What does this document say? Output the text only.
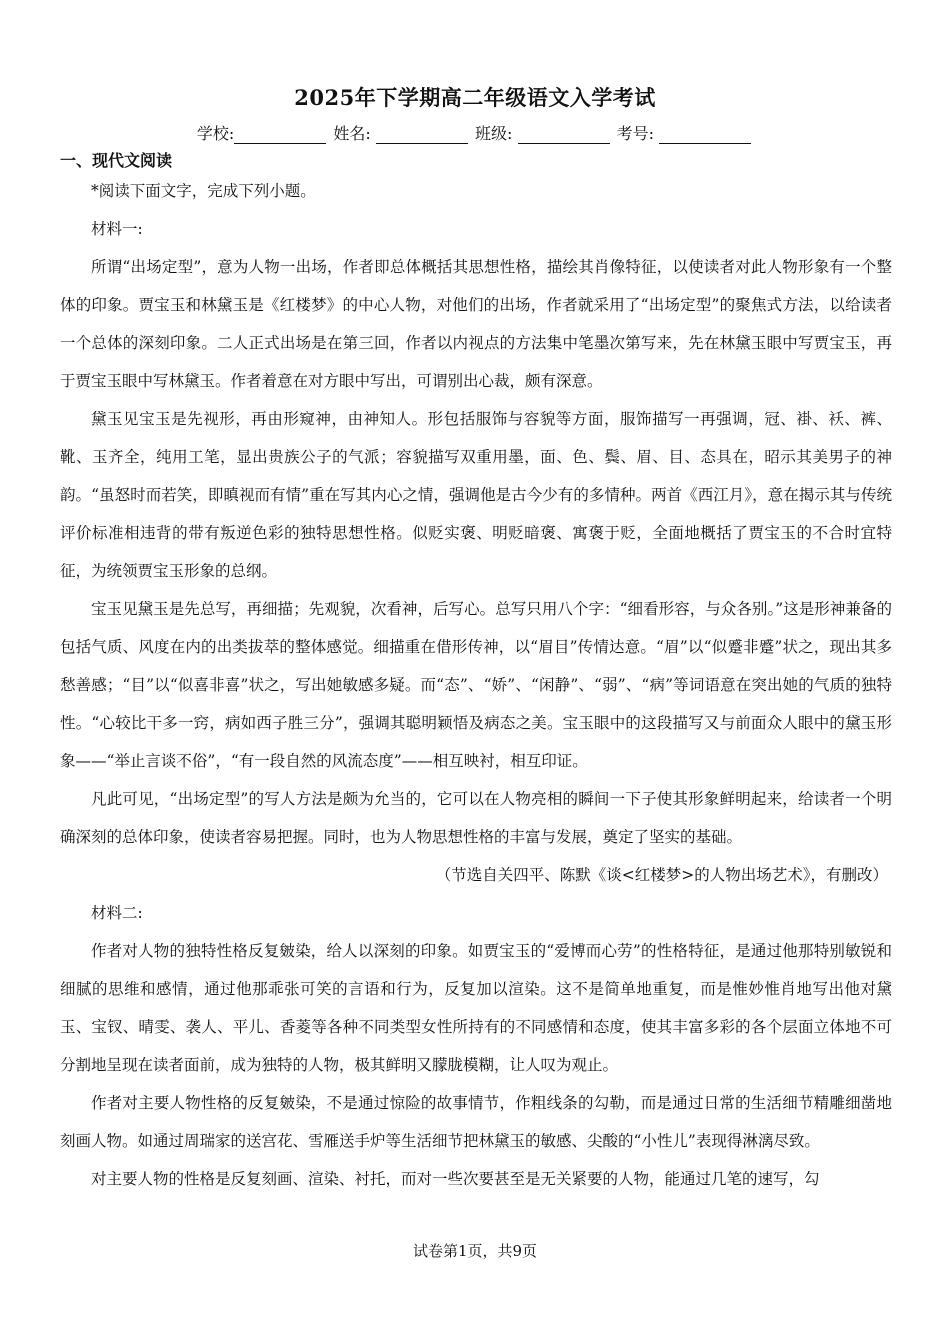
2025年下学期高二年级语文入学考试
学校:	姓名:	班级:	考号:
一、现代文阅读

*阅读下面文字，完成下列小题。

材料一:

所谓“出场定型”，意为人物一出场，作者即总体概括其思想性格，描绘其肖像特征，以使读者对此人物形象有一个整体的印象。贾宝玉和林黛玉是《红楼梦》的中心人物，对他们的出场，作者就采用了“出场定型”的聚焦式方法，以给读者一个总体的深刻印象。二人正式出场是在第三回，作者以内视点的方法集中笔墨次第写来，先在林黛玉眼中写贾宝玉，再于贾宝玉眼中写林黛玉。作者着意在对方眼中写出，可谓别出心裁，颇有深意。

黛玉见宝玉是先视形，再由形窥神，由神知人。形包括服饰与容貌等方面，服饰描写一再强调，冠、褂、袄、裤、靴、玉齐全，纯用工笔，显出贵族公子的气派；容貌描写双重用墨，面、色、鬓、眉、目、态具在，昭示其美男子的神韵。“虽怒时而若笑，即瞋视而有情”重在写其内心之情，强调他是古今少有的多情种。两首《西江月》，意在揭示其与传统评价标准相违背的带有叛逆色彩的独特思想性格。似贬实褒、明贬暗褒、寓褒于贬，全面地概括了贾宝玉的不合时宜特征，为统领贾宝玉形象的总纲。

宝玉见黛玉是先总写，再细描；先观貌，次看神，后写心。总写只用八个字：“细看形容，与众各别。”这是形神兼备的包括气质、风度在内的出类拔萃的整体感觉。细描重在借形传神，以“眉目”传情达意。“眉”以“似蹙非蹙”状之，现出其多愁善感；“目”以“似喜非喜”状之，写出她敏感多疑。而“态”、“娇”、“闲静”、“弱”、“病”等词语意在突出她的气质的独特性。“心较比干多一窍，病如西子胜三分”，强调其聪明颖悟及病态之美。宝玉眼中的这段描写又与前面众人眼中的黛玉形象——“举止言谈不俗”，“有一段自然的风流态度”——相互映衬，相互印证。

凡此可见，“出场定型”的写人方法是颇为允当的，它可以在人物亮相的瞬间一下子使其形象鲜明起来，给读者一个明确深刻的总体印象，使读者容易把握。同时，也为人物思想性格的丰富与发展，奠定了坚实的基础。

（节选自关四平、陈默《谈<红楼梦>的人物出场艺术》，有删改）

材料二:

作者对人物的独特性格反复皴染，给人以深刻的印象。如贾宝玉的“爱博而心劳”的性格特征，是通过他那特别敏锐和细腻的思维和感情，通过他那乖张可笑的言语和行为，反复加以渲染。这不是简单地重复，而是惟妙惟肖地写出他对黛玉、宝钗、晴雯、袭人、平儿、香菱等各种不同类型女性所持有的不同感情和态度，使其丰富多彩的各个层面立体地不可分割地呈现在读者面前，成为独特的人物，极其鲜明又朦胧模糊，让人叹为观止。

作者对主要人物性格的反复皴染，不是通过惊险的故事情节，作粗线条的勾勒，而是通过日常的生活细节精雕细凿地刻画人物。如通过周瑞家的送宫花、雪雁送手炉等生活细节把林黛玉的敏感、尖酸的“小性儿”表现得淋漓尽致。

对主要人物的性格是反复刻画、渲染、衬托，而对一些次要甚至是无关紧要的人物，能通过几笔的速写，勾

试卷第1页，共9页
